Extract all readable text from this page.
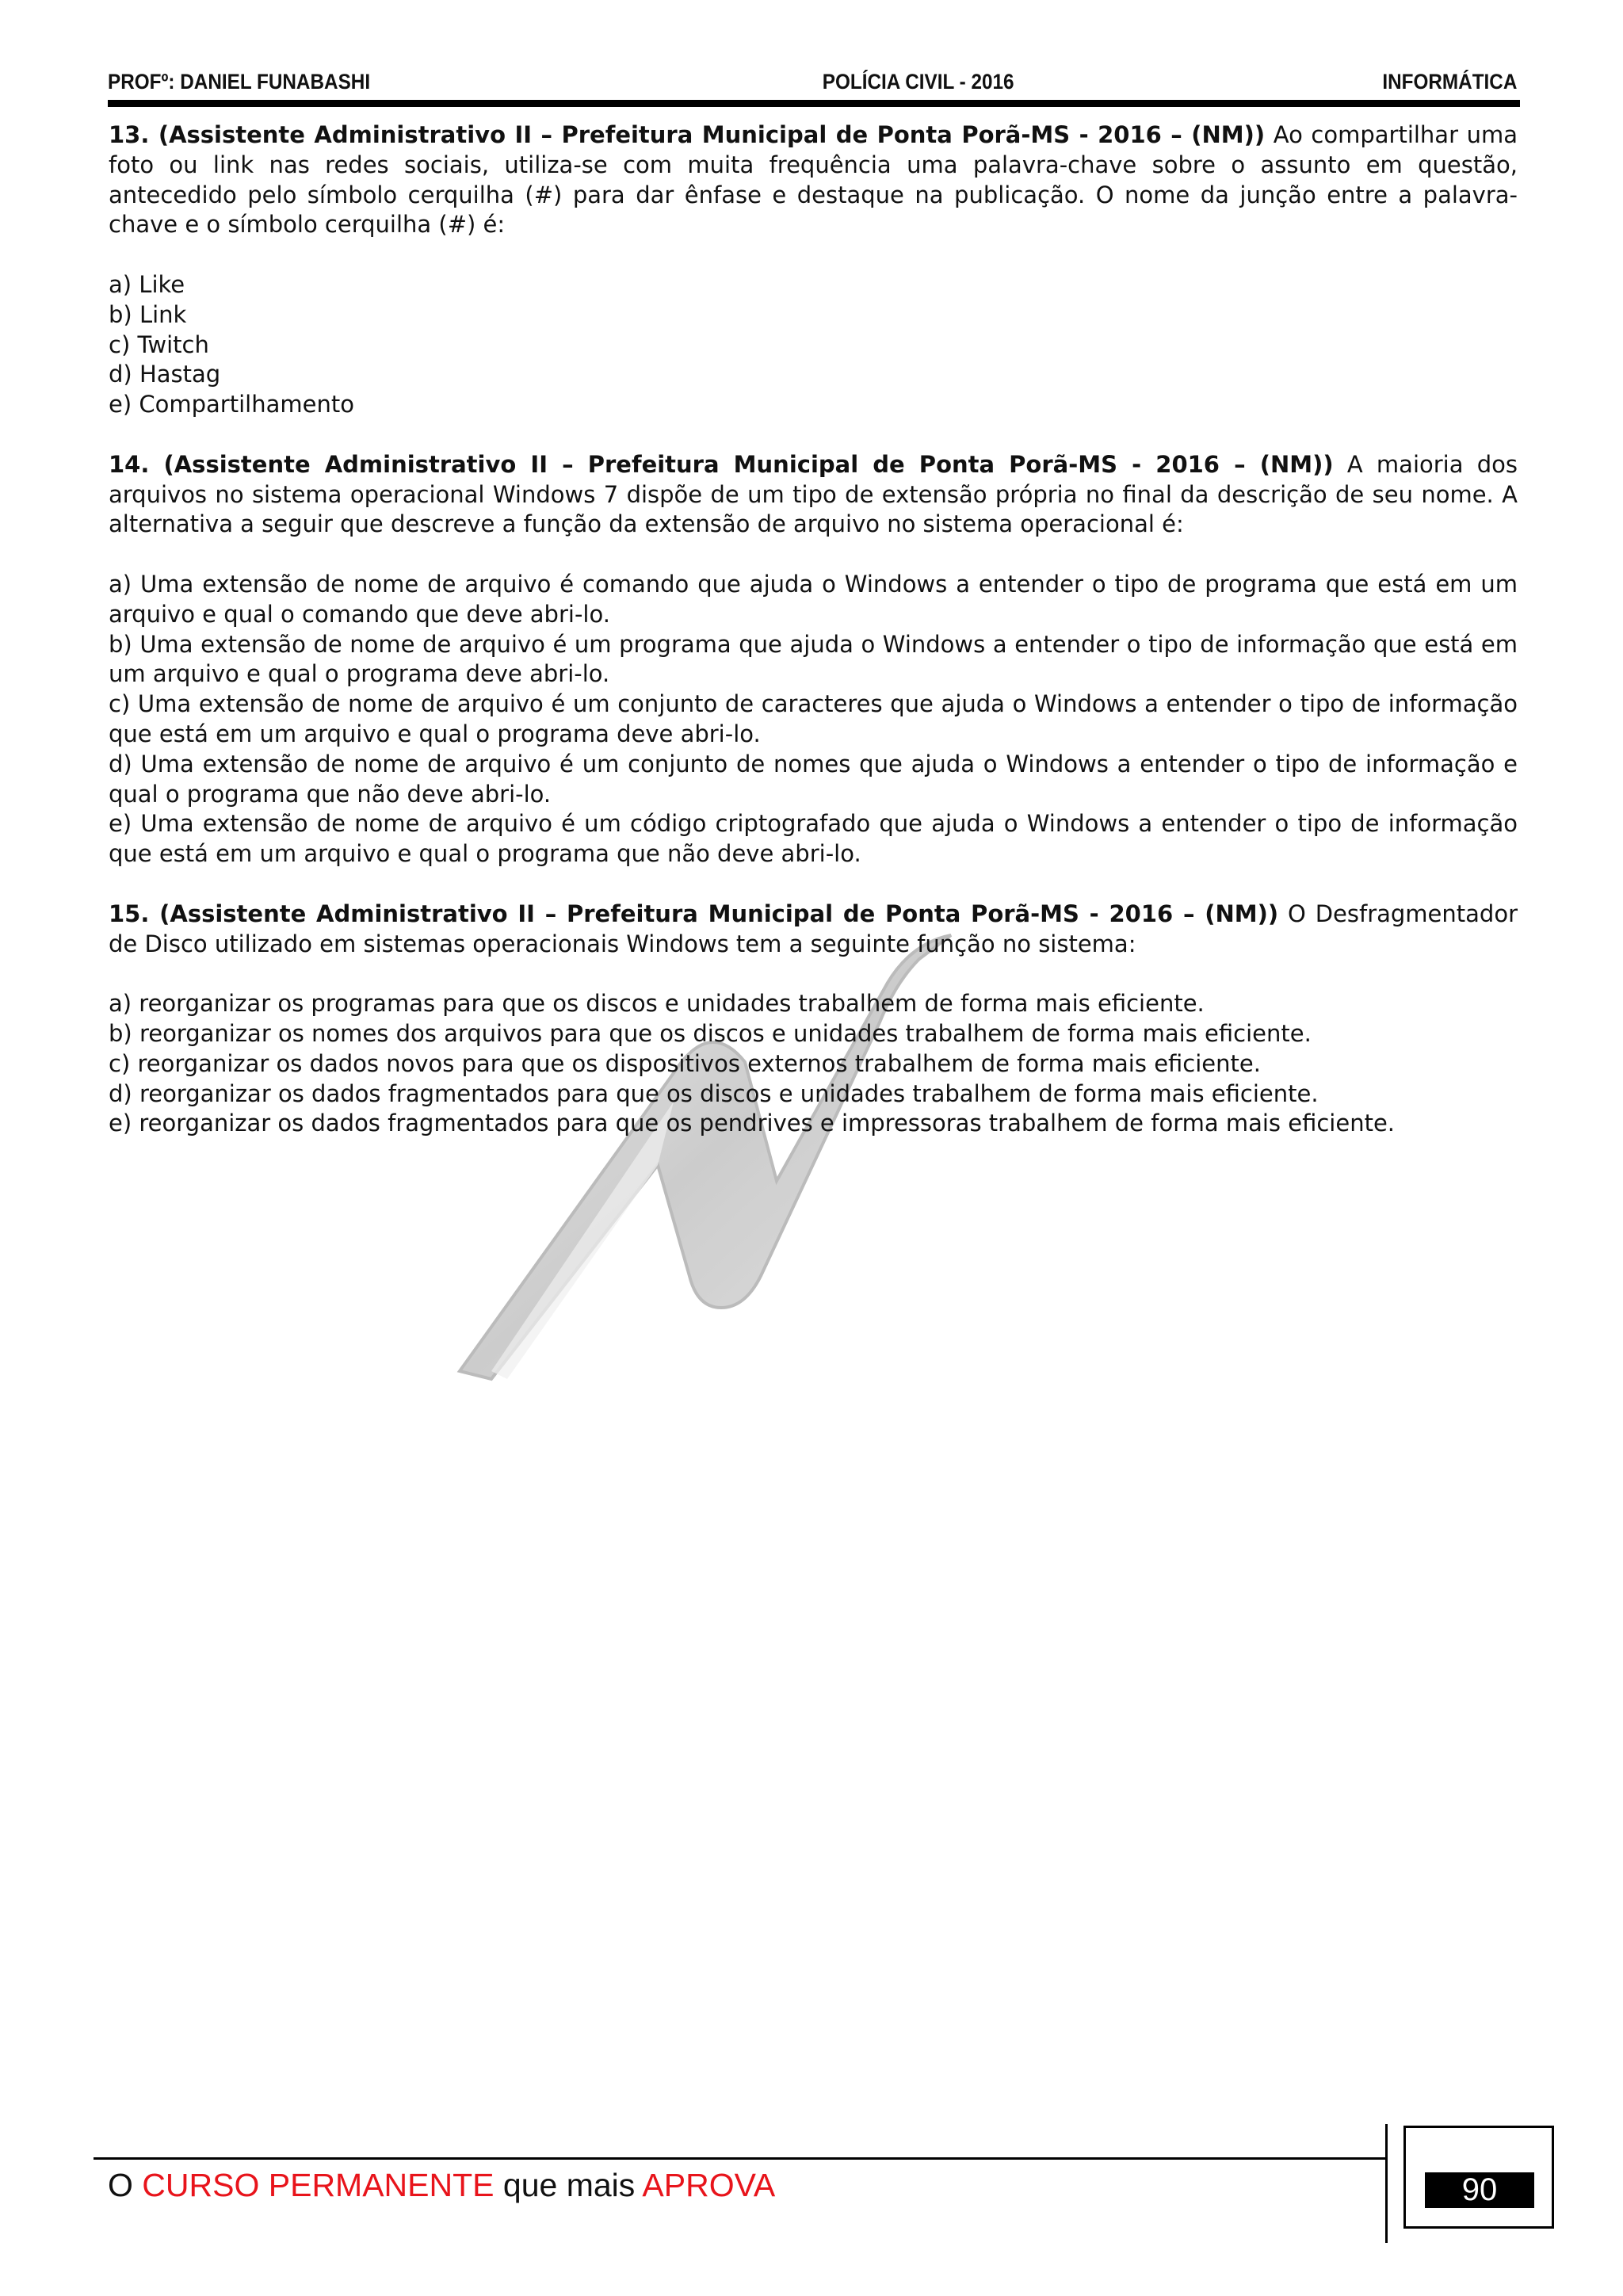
PROFº: DANIEL FUNABASHI	POLÍCIA CIVIL - 2016	INFORMÁTICA

13. (Assistente Administrativo II – Prefeitura Municipal de Ponta Porã-MS - 2016 – (NM)) Ao compartilhar uma foto ou link nas redes sociais, utiliza-se com muita frequência uma palavra-chave sobre o assunto em questão, antecedido pelo símbolo cerquilha (#) para dar ênfase e destaque na publicação. O nome da junção entre a palavra-chave e o símbolo cerquilha (#) é:

a) Like

b) Link

c) Twitch

d) Hastag

e) Compartilhamento

14. (Assistente Administrativo II – Prefeitura Municipal de Ponta Porã-MS - 2016 – (NM)) A maioria dos arquivos no sistema operacional Windows 7 dispõe de um tipo de extensão própria no final da descrição de seu nome. A alternativa a seguir que descreve a função da extensão de arquivo no sistema operacional é:

a) Uma extensão de nome de arquivo é comando que ajuda o Windows a entender o tipo de programa que está em um arquivo e qual o comando que deve abri-lo.

b) Uma extensão de nome de arquivo é um programa que ajuda o Windows a entender o tipo de informação que está em um arquivo e qual o programa deve abri-lo.

c) Uma extensão de nome de arquivo é um conjunto de caracteres que ajuda o Windows a entender o tipo de informação que está em um arquivo e qual o programa deve abri-lo.

d) Uma extensão de nome de arquivo é um conjunto de nomes que ajuda o Windows a entender o tipo de informação e qual o programa que não deve abri-lo.

e) Uma extensão de nome de arquivo é um código criptografado que ajuda o Windows a entender o tipo de informação que está em um arquivo e qual o programa que não deve abri-lo.

15. (Assistente Administrativo II – Prefeitura Municipal de Ponta Porã-MS - 2016 – (NM)) O Desfragmentador de Disco utilizado em sistemas operacionais Windows tem a seguinte função no sistema:

a) reorganizar os programas para que os discos e unidades trabalhem de forma mais eficiente.

b) reorganizar os nomes dos arquivos para que os discos e unidades trabalhem de forma mais eficiente.

c) reorganizar os dados novos para que os dispositivos externos trabalhem de forma mais eficiente.

d) reorganizar os dados fragmentados para que os discos e unidades trabalhem de forma mais eficiente.

e) reorganizar os dados fragmentados para que os pendrives e impressoras trabalhem de forma mais eficiente.

O CURSO PERMANENTE que mais APROVA	90
